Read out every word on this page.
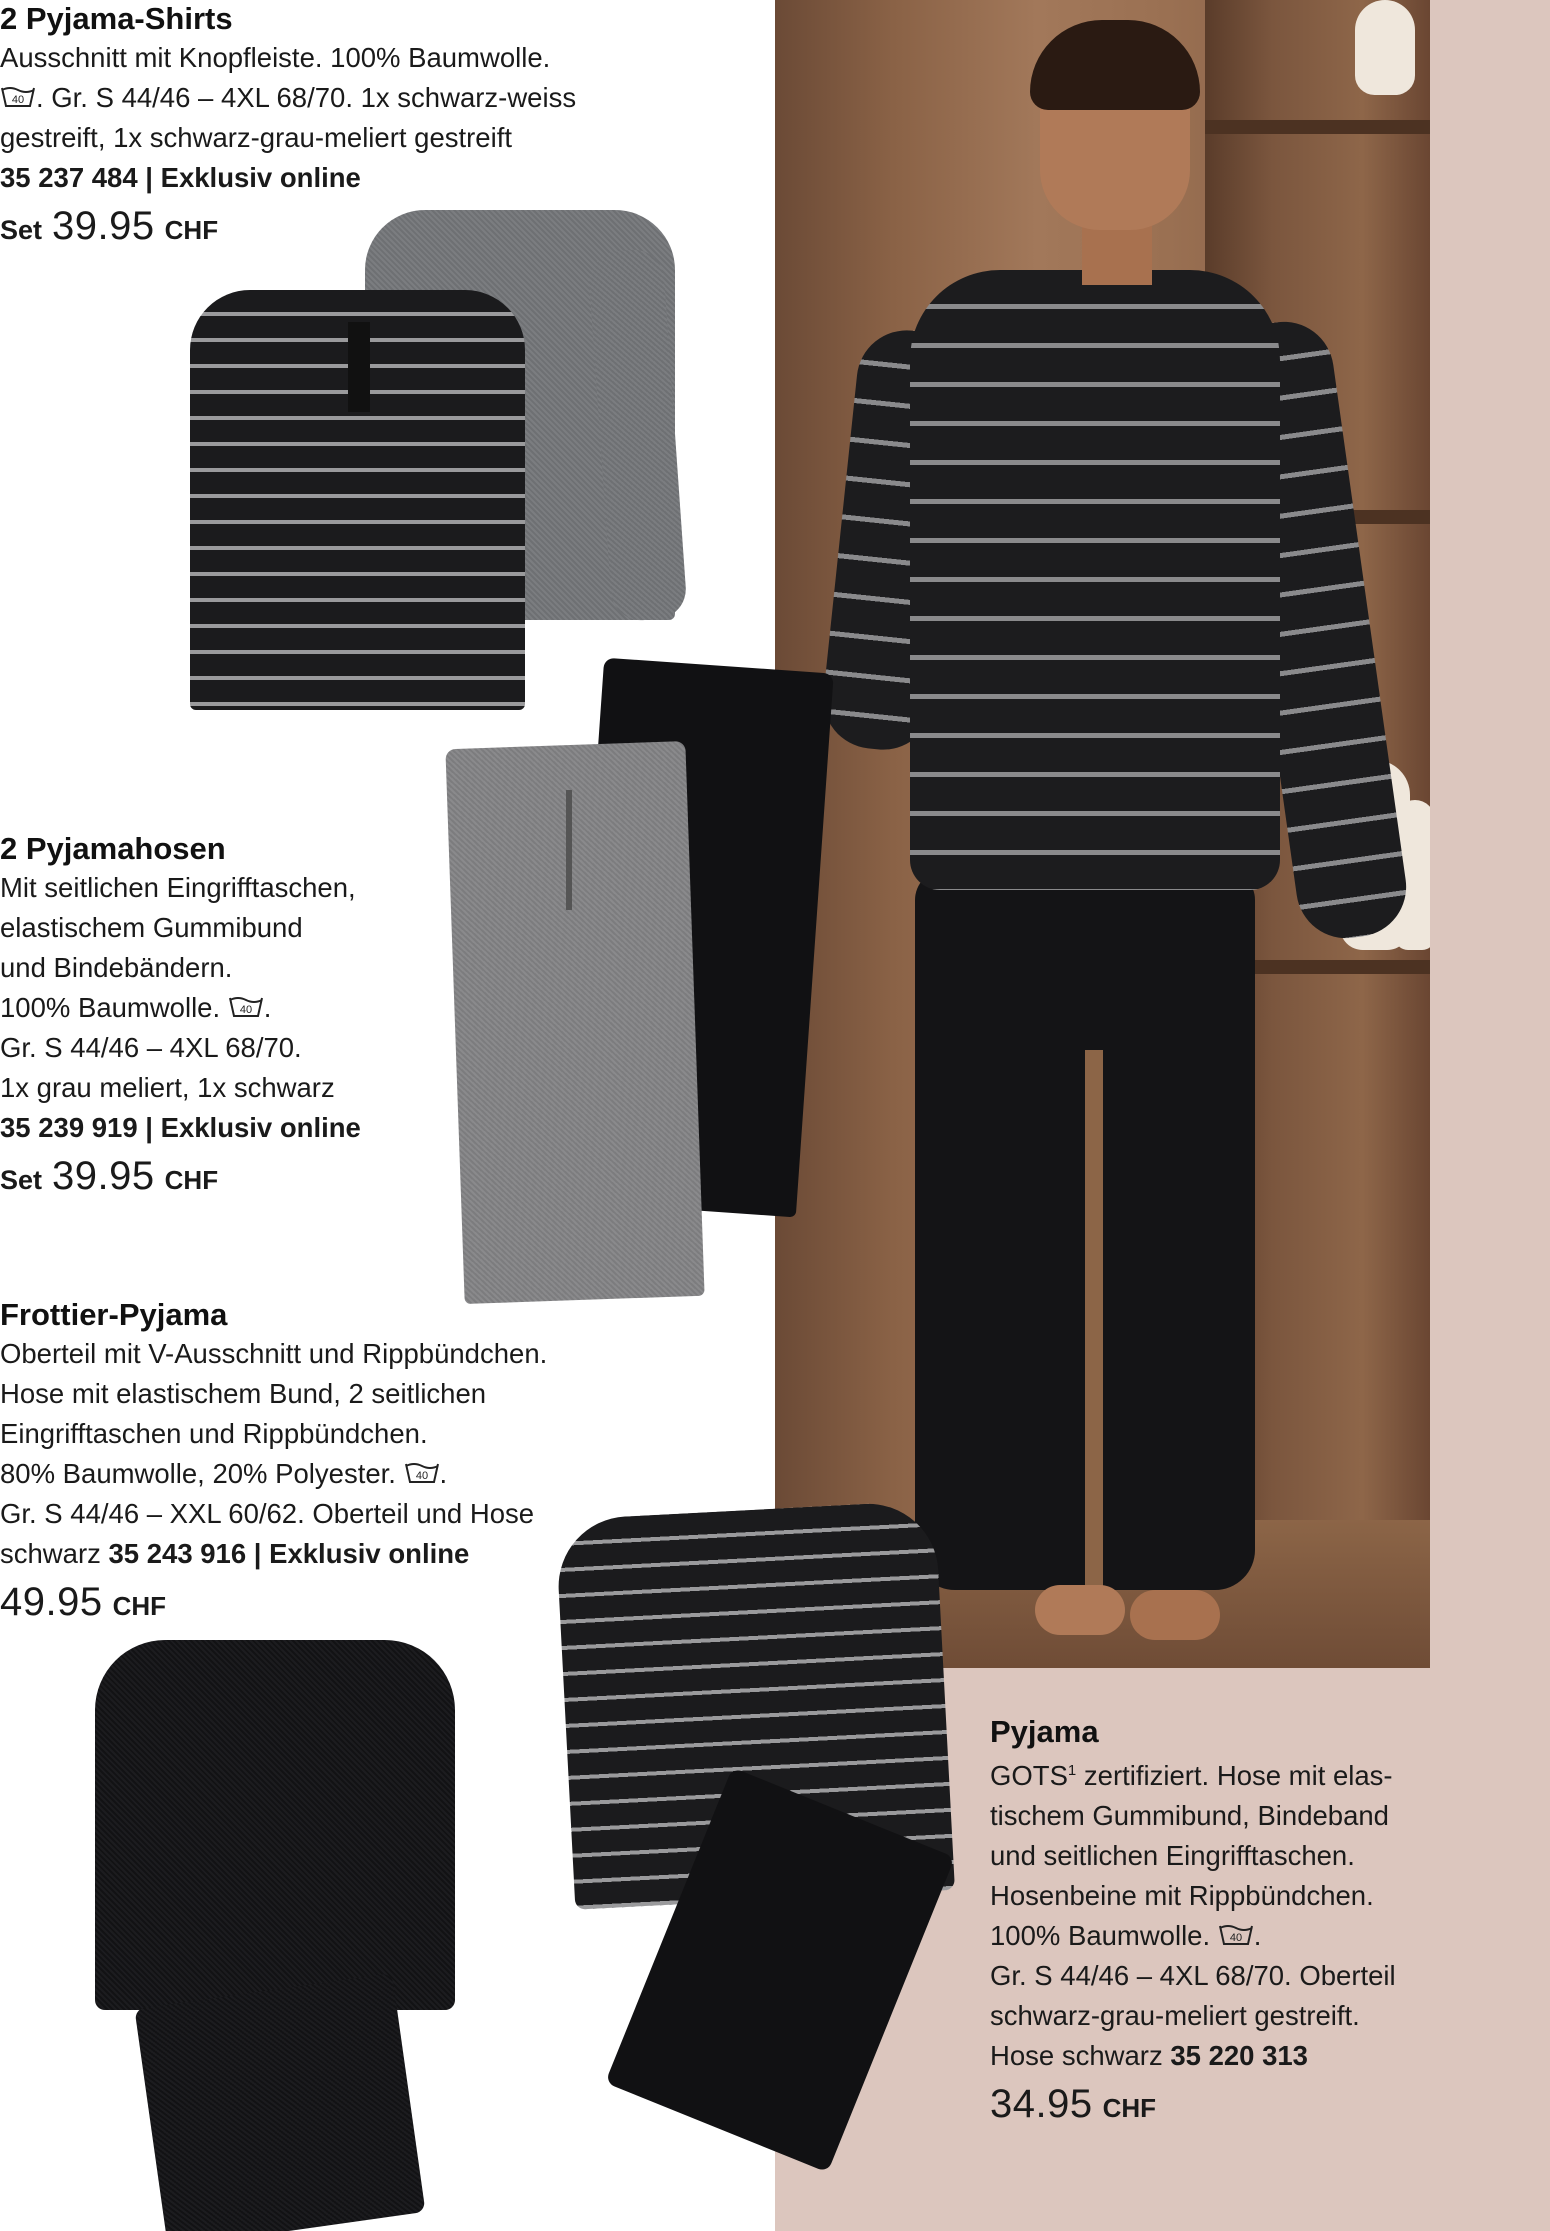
2 Pyjama-Shirts
Ausschnitt mit Knopfleiste. 100% Baumwolle.
40 . Gr. S 44/46 – 4XL 68/70. 1x schwarz-weiss
gestreift, 1x schwarz-grau-meliert gestreift
35 237 484 | Exklusiv online
Set 39.95 CHF
2 Pyjamahosen
Mit seitlichen Eingrifftaschen,
elastischem Gummibund
und Bindebändern.
100% Baumwolle. 40 .
Gr. S 44/46 – 4XL 68/70.
1x grau meliert, 1x schwarz
35 239 919 | Exklusiv online
Set 39.95 CHF
Frottier-Pyjama
Oberteil mit V-Ausschnitt und Rippbündchen.
Hose mit elastischem Bund, 2 seitlichen
Eingrifftaschen und Rippbündchen.
80% Baumwolle, 20% Polyester. 40 .
Gr. S 44/46 – XXL 60/62. Oberteil und Hose
schwarz 35 243 916 | Exklusiv online
49.95 CHF
Pyjama
GOTS$^1$ zertifiziert. Hose mit elas-
tischem Gummibund, Bindeband
und seitlichen Eingrifftaschen.
Hosenbeine mit Rippbündchen.
100% Baumwolle. 40 .
Gr. S 44/46 – 4XL 68/70. Oberteil
schwarz-grau-meliert gestreift.
Hose schwarz 35 220 313
34.95 CHF
